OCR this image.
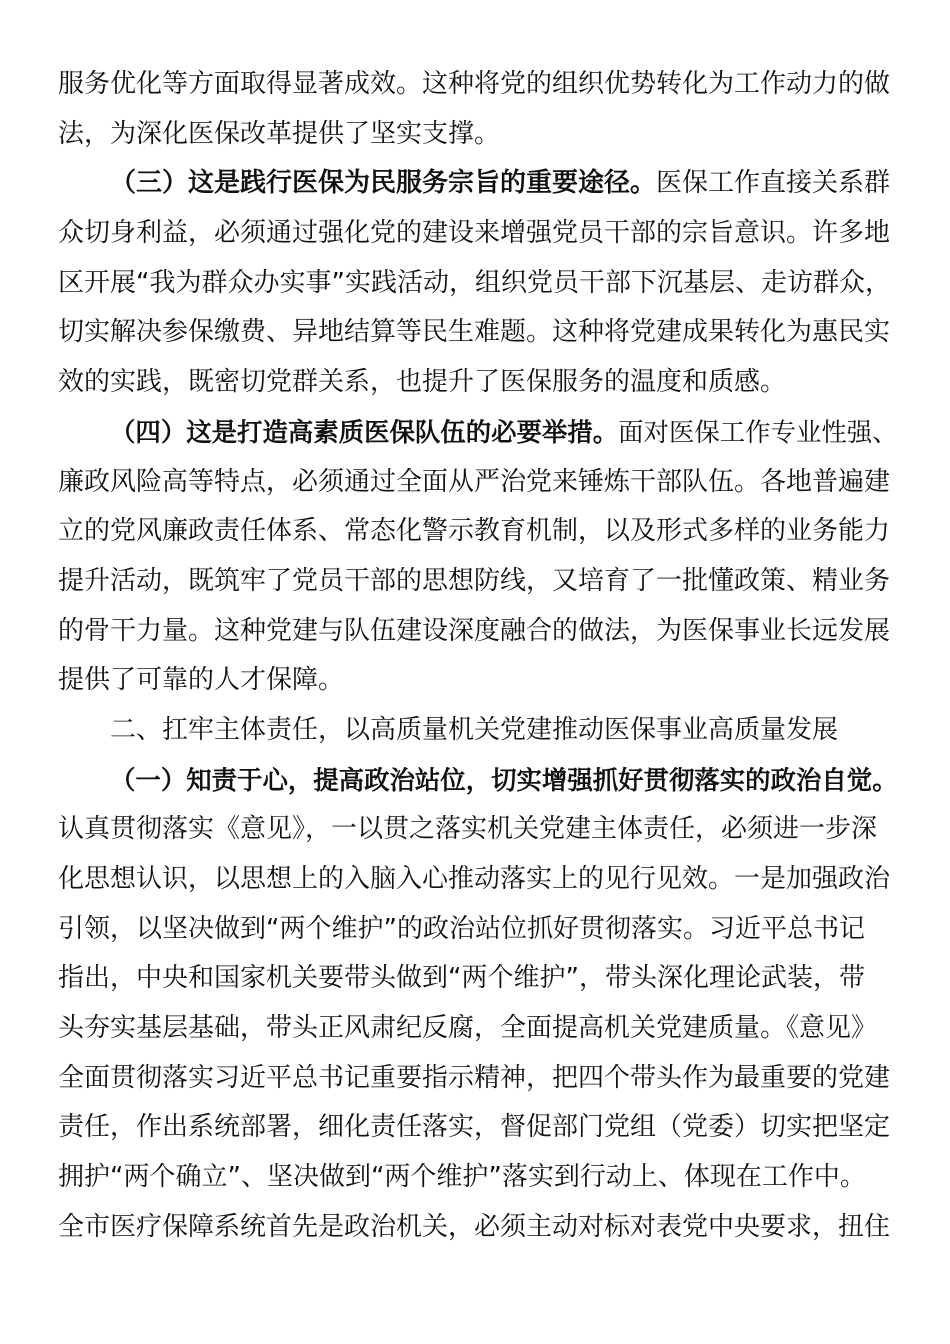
服务优化等方面取得显著成效。这种将党的组织优势转化为工作动力的做
法，为深化医保改革提供了坚实支撑。
（三）这是践行医保为民服务宗旨的重要途径。医保工作直接关系群
众切身利益，必须通过强化党的建设来增强党员干部的宗旨意识。许多地
区开展“我为群众办实事”实践活动，组织党员干部下沉基层、走访群众，
切实解决参保缴费、异地结算等民生难题。这种将党建成果转化为惠民实
效的实践，既密切党群关系，也提升了医保服务的温度和质感。
（四）这是打造高素质医保队伍的必要举措。面对医保工作专业性强、
廉政风险高等特点，必须通过全面从严治党来锤炼干部队伍。各地普遍建
立的党风廉政责任体系、常态化警示教育机制，以及形式多样的业务能力
提升活动，既筑牢了党员干部的思想防线，又培育了一批懂政策、精业务
的骨干力量。这种党建与队伍建设深度融合的做法，为医保事业长远发展
提供了可靠的人才保障。
二、扛牢主体责任，以高质量机关党建推动医保事业高质量发展
（一）知责于心，提高政治站位，切实增强抓好贯彻落实的政治自觉。
认真贯彻落实《意见》，一以贯之落实机关党建主体责任，必须进一步深
化思想认识，以思想上的入脑入心推动落实上的见行见效。一是加强政治
引领，以坚决做到“两个维护”的政治站位抓好贯彻落实。习近平总书记
指出，中央和国家机关要带头做到“两个维护”，带头深化理论武装，带
头夯实基层基础，带头正风肃纪反腐，全面提高机关党建质量。《意见》
全面贯彻落实习近平总书记重要指示精神，把四个带头作为最重要的党建
责任，作出系统部署，细化责任落实，督促部门党组（党委）切实把坚定
拥护“两个确立”、坚决做到“两个维护”落实到行动上、体现在工作中。
全市医疗保障系统首先是政治机关，必须主动对标对表党中央要求，扭住
